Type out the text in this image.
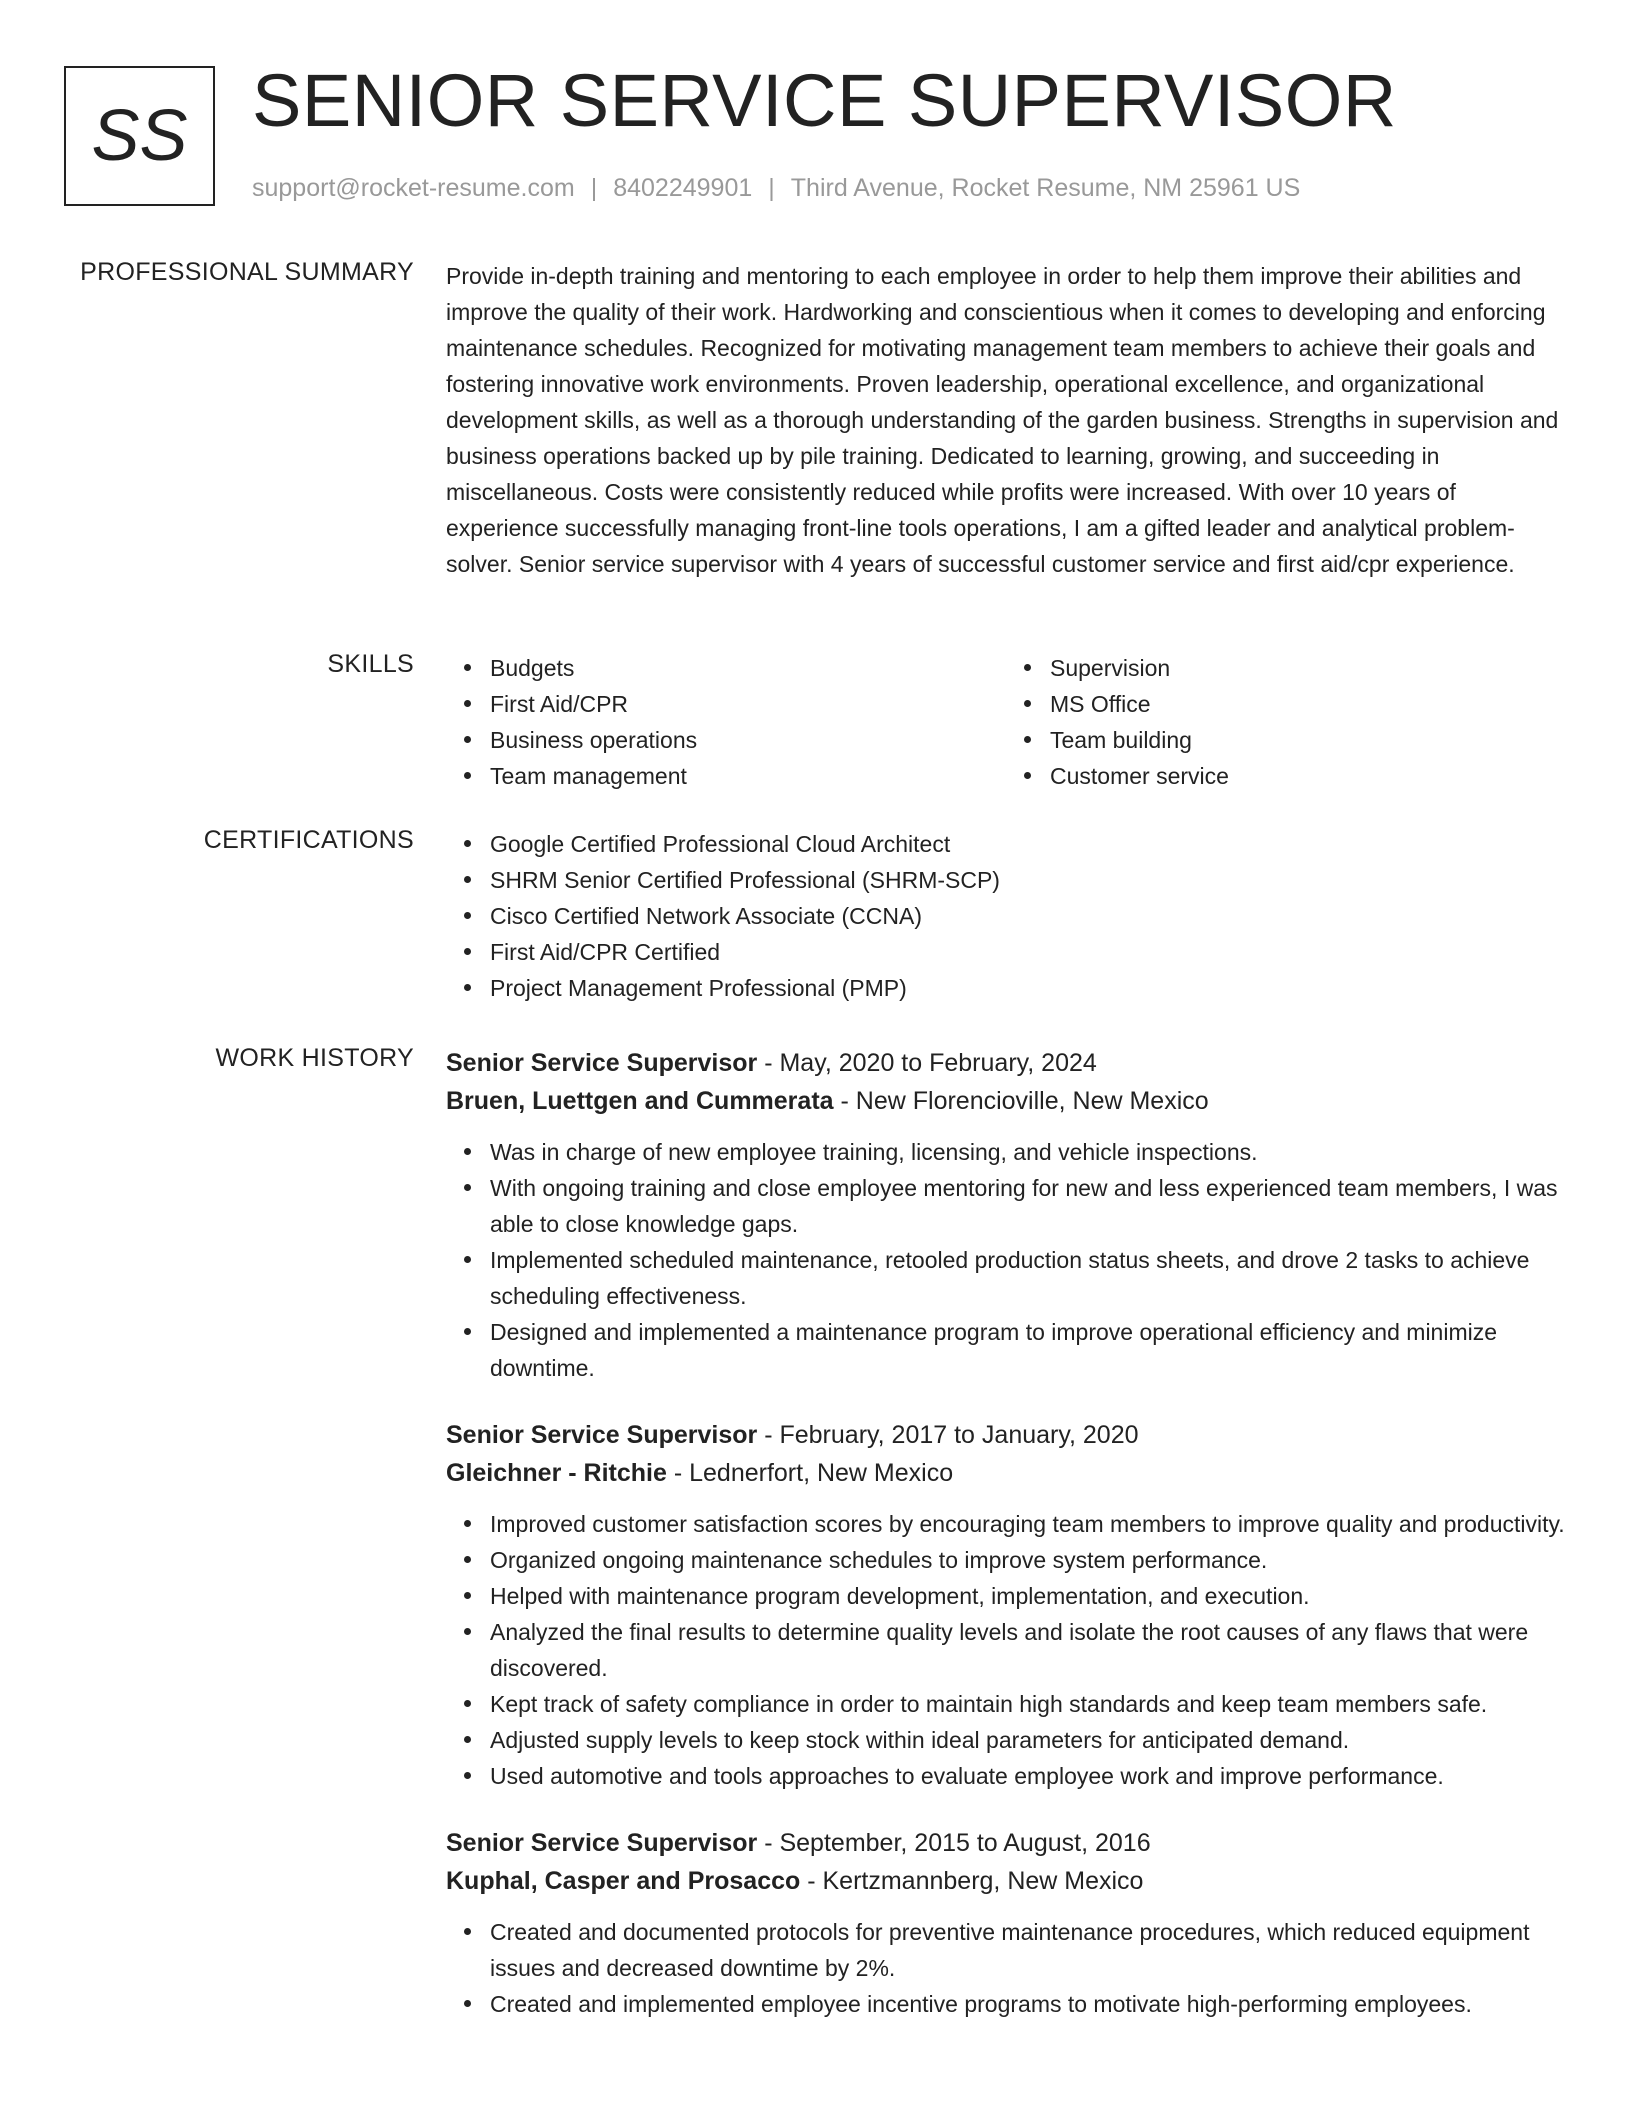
SS SENIOR SERVICE SUPERVISOR
support@rocket-resume.com | 8402249901 | Third Avenue, Rocket Resume, NM 25961 US
PROFESSIONAL SUMMARY Provide in-depth training and mentoring to each employee in order to help them improve their abilities and improve the quality of their work. Hardworking and conscientious when it comes to developing and enforcing maintenance schedules. Recognized for motivating management team members to achieve their goals and fostering innovative work environments. Proven leadership, operational excellence, and organizational development skills, as well as a thorough understanding of the garden business. Strengths in supervision and business operations backed up by pile training. Dedicated to learning, growing, and succeeding in miscellaneous. Costs were consistently reduced while profits were increased. With over 10 years of experience successfully managing front-line tools operations, I am a gifted leader and analytical problem-solver. Senior service supervisor with 4 years of successful customer service and first aid/cpr experience.

SKILLS	Budgets
First Aid/CPR
Business operations
Team management
Supervision
MS Office
Team building
Customer service
CERTIFICATIONS	Google Certified Professional Cloud Architect
SHRM Senior Certified Professional (SHRM-SCP)
Cisco Certified Network Associate (CCNA)
First Aid/CPR Certified
Project Management Professional (PMP)
WORK HISTORY Senior Service Supervisor - May, 2020 to February, 2024
Bruen, Luettgen and Cummerata - New Florencioville, New Mexico
Was in charge of new employee training, licensing, and vehicle inspections.
With ongoing training and close employee mentoring for new and less experienced team members, I was able to close knowledge gaps.
Implemented scheduled maintenance, retooled production status sheets, and drove 2 tasks to achieve scheduling effectiveness.
Designed and implemented a maintenance program to improve operational efficiency and minimize downtime.
Senior Service Supervisor - February, 2017 to January, 2020
Gleichner - Ritchie - Lednerfort, New Mexico
Improved customer satisfaction scores by encouraging team members to improve quality and productivity.
Organized ongoing maintenance schedules to improve system performance.
Helped with maintenance program development, implementation, and execution.
Analyzed the final results to determine quality levels and isolate the root causes of any flaws that were discovered.
Kept track of safety compliance in order to maintain high standards and keep team members safe.
Adjusted supply levels to keep stock within ideal parameters for anticipated demand.
Used automotive and tools approaches to evaluate employee work and improve performance.
Senior Service Supervisor - September, 2015 to August, 2016
Kuphal, Casper and Prosacco - Kertzmannberg, New Mexico
Created and documented protocols for preventive maintenance procedures, which reduced equipment issues and decreased downtime by 2%.
Created and implemented employee incentive programs to motivate high-performing employees.
